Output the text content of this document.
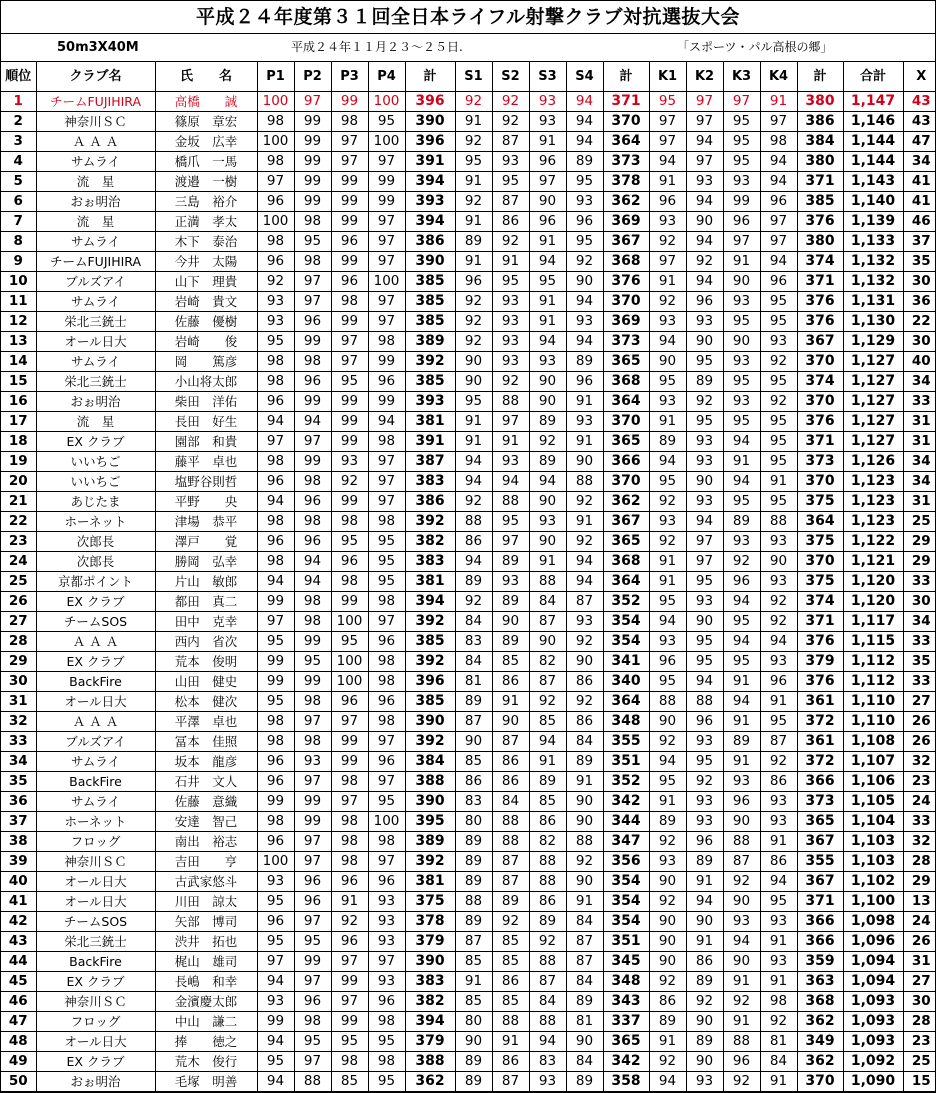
平成２４年度第３１回全日本ライフル射撃クラブ対抗選抜大会
50m3X40M	平成２４年１１月２３～２５日.	「スポーツ・パル高根の郷」
順位	クラブ名	氏　　名	P1	P2	P3	P4	計	S1	S2	S3	S4	計	K1	K2	K3	K4	計	合計	X
1	チームFUJIHIRA	高橋　　誠	100	97	99	100	396	92	92	93	94	371	95	97	97	91	380	1,147	43
2	神奈川ＳＣ	篠原　章宏	98	99	98	95	390	91	92	93	94	370	97	97	95	97	386	1,146	43
3	Ａ Ａ Ａ	金坂　広幸	100	99	97	100	396	92	87	91	94	364	97	94	95	98	384	1,144	47
4	サムライ	橋爪　一馬	98	99	97	97	391	95	93	96	89	373	94	97	95	94	380	1,144	34
5	流　星	渡邉　一樹	97	99	99	99	394	91	95	97	95	378	91	93	93	94	371	1,143	41
6	おぉ明治	三島　裕介	96	99	99	99	393	92	87	90	93	362	96	94	99	96	385	1,140	41
7	流　星	正満　孝太	100	98	99	97	394	91	86	96	96	369	93	90	96	97	376	1,139	46
8	サムライ	木下　泰治	98	95	96	97	386	89	92	91	95	367	92	94	97	97	380	1,133	37
9	チームFUJIHIRA	今井　太陽	96	98	99	97	390	91	91	94	92	368	97	92	91	94	374	1,132	35
10	ブルズアイ	山下　理貴	92	97	96	100	385	96	95	95	90	376	91	94	90	96	371	1,132	30
11	サムライ	岩崎　貴文	93	97	98	97	385	92	93	91	94	370	92	96	93	95	376	1,131	36
12	栄北三銃士	佐藤　優樹	93	96	99	97	385	92	93	91	93	369	93	93	95	95	376	1,130	22
13	オール日大	岩崎　　俊	95	99	97	98	389	92	93	94	94	373	94	90	90	93	367	1,129	30
14	サムライ	岡　　篤彦	98	98	97	99	392	90	93	93	89	365	90	95	93	92	370	1,127	40
15	栄北三銃士	小山将太郎	98	96	95	96	385	90	92	90	96	368	95	89	95	95	374	1,127	34
16	おぉ明治	柴田　洋佑	96	99	99	99	393	95	88	90	91	364	93	92	93	92	370	1,127	33
17	流　星	長田　好生	94	94	99	94	381	91	97	89	93	370	91	95	95	95	376	1,127	31
18	EX クラブ	園部　和貴	97	97	99	98	391	91	91	92	91	365	89	93	94	95	371	1,127	31
19	いいちご	藤平　卓也	98	99	93	97	387	94	93	89	90	366	94	93	91	95	373	1,126	34
20	いいちご	塩野谷則哲	96	98	92	97	383	94	94	94	88	370	95	90	94	91	370	1,123	34
21	あじたま	平野　　央	94	96	99	97	386	92	88	90	92	362	92	93	95	95	375	1,123	31
22	ホーネット	津場　恭平	98	98	98	98	392	88	95	93	91	367	93	94	89	88	364	1,123	25
23	次郎長	澤戸　　覚	96	96	95	95	382	86	97	90	92	365	92	97	93	93	375	1,122	29
24	次郎長	勝岡　弘幸	98	94	96	95	383	94	89	91	94	368	91	97	92	90	370	1,121	29
25	京都ポイント	片山　敏郎	94	94	98	95	381	89	93	88	94	364	91	95	96	93	375	1,120	33
26	EX クラブ	都田　真二	99	98	99	98	394	92	89	84	87	352	95	93	94	92	374	1,120	30
27	チームSOS	田中　克幸	97	98	100	97	392	84	90	87	93	354	94	90	95	92	371	1,117	34
28	Ａ Ａ Ａ	西内　省次	95	99	95	96	385	83	89	90	92	354	93	95	94	94	376	1,115	33
29	EX クラブ	荒本　俊明	99	95	100	98	392	84	85	82	90	341	96	95	95	93	379	1,112	35
30	BackFire	山田　健史	99	99	100	98	396	81	86	87	86	340	95	94	91	96	376	1,112	33
31	オール日大	松本　健次	95	98	96	96	385	89	91	92	92	364	88	88	94	91	361	1,110	27
32	Ａ Ａ Ａ	平澤　卓也	98	97	97	98	390	87	90	85	86	348	90	96	91	95	372	1,110	26
33	ブルズアイ	冨本　佳照	98	98	99	97	392	90	87	94	84	355	92	93	89	87	361	1,108	26
34	サムライ	坂本　龍彦	96	93	99	96	384	85	86	91	89	351	94	95	91	92	372	1,107	32
35	BackFire	石井　文人	96	97	98	97	388	86	86	89	91	352	95	92	93	86	366	1,106	23
36	サムライ	佐藤　意織	99	99	97	95	390	83	84	85	90	342	91	93	96	93	373	1,105	24
37	ホーネット	安達　智己	98	99	98	100	395	80	88	86	90	344	89	93	90	93	365	1,104	33
38	フロッグ	南出　裕志	96	97	98	98	389	89	88	82	88	347	92	96	88	91	367	1,103	32
39	神奈川ＳＣ	吉田　　亨	100	97	98	97	392	89	87	88	92	356	93	89	87	86	355	1,103	28
40	オール日大	古武家悠斗	93	96	96	96	381	89	87	88	90	354	90	91	92	94	367	1,102	29
41	オール日大	川田　諒太	95	96	91	93	375	88	89	86	91	354	92	94	90	95	371	1,100	13
42	チームSOS	矢部　博司	96	97	92	93	378	89	92	89	84	354	90	90	93	93	366	1,098	24
43	栄北三銃士	渋井　拓也	95	95	96	93	379	87	85	92	87	351	90	91	94	91	366	1,096	26
44	BackFire	梶山　雄司	97	99	97	97	390	85	85	88	87	345	90	86	90	93	359	1,094	31
45	EX クラブ	長嶋　和幸	94	97	99	93	383	91	86	87	84	348	92	89	91	91	363	1,094	27
46	神奈川ＳＣ	金濱慶太郎	93	96	97	96	382	85	85	84	89	343	86	92	92	98	368	1,093	30
47	フロッグ	中山　謙二	99	98	99	98	394	80	88	88	81	337	89	90	91	92	362	1,093	28
48	オール日大	捧　　徳之	94	95	95	95	379	90	91	94	90	365	91	89	88	81	349	1,093	23
49	EX クラブ	荒木　俊行	95	97	98	98	388	89	86	83	84	342	92	90	96	84	362	1,092	25
50	おぉ明治	毛塚　明善	94	88	85	95	362	89	87	93	89	358	94	93	92	91	370	1,090	15
